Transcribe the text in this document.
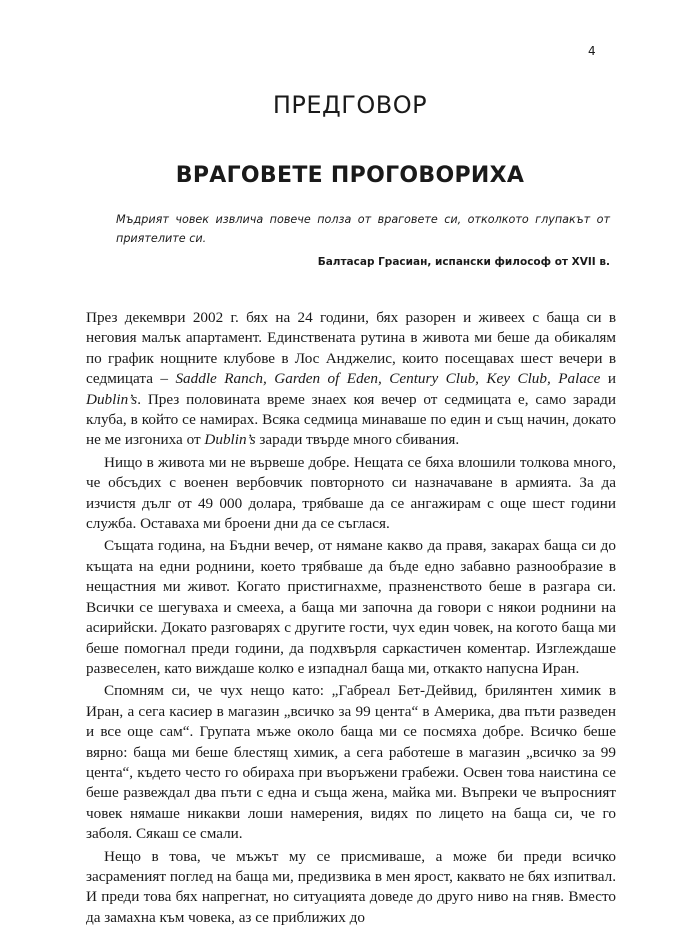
4
ПРЕДГОВОР
ВРАГОВЕТЕ ПРОГОВОРИХА

Мъдрият човек извлича повече полза от враговете си, отколкото глупакът от приятелите си.

Балтасар Грасиан, испански философ от XVII в.

През декември 2002 г. бях на 24 години, бях разорен и живеех с баща си в неговия малък апартамент. Единствената рутина в живота ми беше да обикалям по график нощните клубове в Лос Анджелис, които посещавах шест вечери в седмицата – Saddle Ranch, Garden of Eden, Century Club, Key Club, Palace и Dublin’s. През половината време знаех коя вечер от седмицата е, само заради клуба, в който се намирах. Всяка седмица минаваше по един и същ начин, докато не ме изгониха от Dublin’s заради твърде много сбивания.

Нищо в живота ми не вървеше добре. Нещата се бяха влошили толкова много, че обсъдих с военен вербовчик повторното си назначаване в армията. За да изчистя дълг от 49 000 долара, трябваше да се ангажирам с още шест години служба. Оставаха ми броени дни да се съглася.

Същата година, на Бъдни вечер, от нямане какво да правя, закарах баща си до къщата на едни роднини, което трябваше да бъде едно забавно разнообразие в нещастния ми живот. Когато пристигнахме, празненството беше в разгара си. Всички се шегуваха и смееха, а баща ми започна да говори с някои роднини на асирийски. Докато разговарях с другите гости, чух един човек, на когото баща ми беше помогнал преди години, да подхвърля саркастичен коментар. Изглеждаше развеселен, като виждаше колко е изпаднал баща ми, откакто напусна Иран.

Спомням си, че чух нещо като: „Габреал Бет-Дейвид, брилянтен химик в Иран, а сега касиер в магазин „всичко за 99 цента“ в Америка, два пъти разведен и все още сам“. Групата мъже около баща ми се посмяха добре. Всичко беше вярно: баща ми беше блестящ химик, а сега работеше в магазин „всичко за 99 цента“, където често го обираха при въоръжени грабежи. Освен това наистина се беше развеждал два пъти с една и съща жена, майка ми. Въпреки че въпросният човек нямаше никакви лоши намерения, видях по лицето на баща си, че го заболя. Сякаш се смали.

Нещо в това, че мъжът му се присмиваше, а може би преди всичко засраменият поглед на баща ми, предизвика в мен ярост, каквато не бях изпитвал. И преди това бях напрегнат, но ситуацията доведе до друго ниво на гняв. Вместо да замахна към човека, аз се приближих до
